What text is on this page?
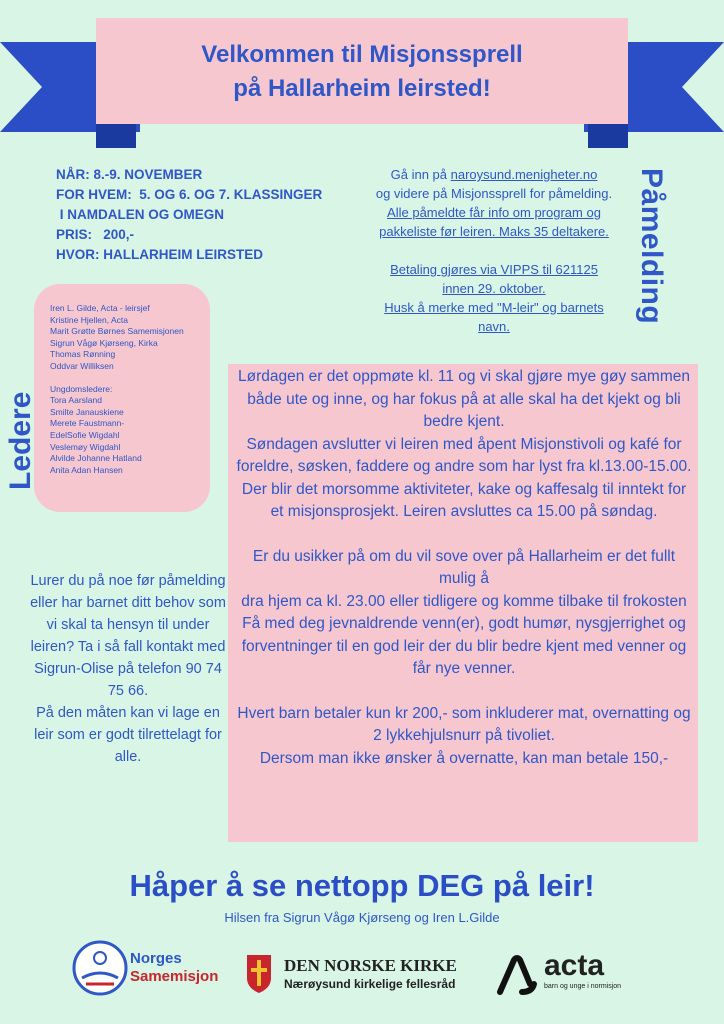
Velkommen til Misjonssprell
på Hallarheim leirsted!
NÅR: 8.-9. NOVEMBER
FOR HVEM:  5. OG 6. OG 7. KLASSINGER
I NAMDALEN OG OMEGN
PRIS:   200,-
HVOR: HALLARHEIM LEIRSTED
Gå inn på naroysund.menigheter.no
og videre på Misjonssprell for påmelding.
Alle påmeldte får info om program og
pakkeliste før leiren. Maks 35 deltakere.
Betaling gjøres via VIPPS til 621125
innen 29. oktober.
Husk å merke med "M-leir" og barnets
navn.
Påmelding
Iren L. Gilde, Acta - leirsjef
Kristine Hjellen, Acta
Marit Grøtte Børnes Samemisjonen
Sigrun Vågø Kjørseng, Kirka
Thomas Rønning
Oddvar Williksen
Ungdomsledere:
Tora Aarsland
Smilte Janauskiene
Merete Faustmann-
EdelSofie Wigdahl
Veslemøy Wigdahl
Alvilde Johanne Hatland
Anita Adan Hansen
Ledere

Lørdagen er det oppmøte kl. 11 og vi skal gjøre mye gøy sammen både ute og inne, og har fokus på at alle skal ha det kjekt og bli bedre kjent.

Søndagen avslutter vi leiren med åpent Misjonstivoli og kafé for foreldre, søsken, faddere og andre som har lyst fra kl.13.00-15.00. Der blir det morsomme aktiviteter, kake og kaffesalg til inntekt for et misjonsprosjekt. Leiren avsluttes ca 15.00 på søndag.

Er du usikker på om du vil sove over på Hallarheim er det fullt mulig å

dra hjem ca kl. 23.00 eller tidligere og komme tilbake til frokosten

Få med deg jevnaldrende venn(er), godt humør, nysgjerrighet og forventninger til en god leir der du blir bedre kjent med venner og får nye venner.

Hvert barn betaler kun kr 200,- som inkluderer mat, overnatting og 2 lykkehjulsnurr på tivoliet.

Dersom man ikke ønsker å overnatte, kan man betale 150,-

Lurer du på noe før påmelding eller har barnet ditt behov som vi skal ta hensyn til under leiren? Ta i så fall kontakt med Sigrun-Olise på telefon 90 74 75 66.
På den måten kan vi lage en leir som er godt tilrettelagt for alle.
Håper å se nettopp DEG på leir!
Hilsen fra Sigrun Vågø Kjørseng og Iren L.Gilde
Norges
Samemisjon
DEN NORSKE KIRKE
Nærøysund kirkelige fellesråd
acta
barn og unge i normisjon
